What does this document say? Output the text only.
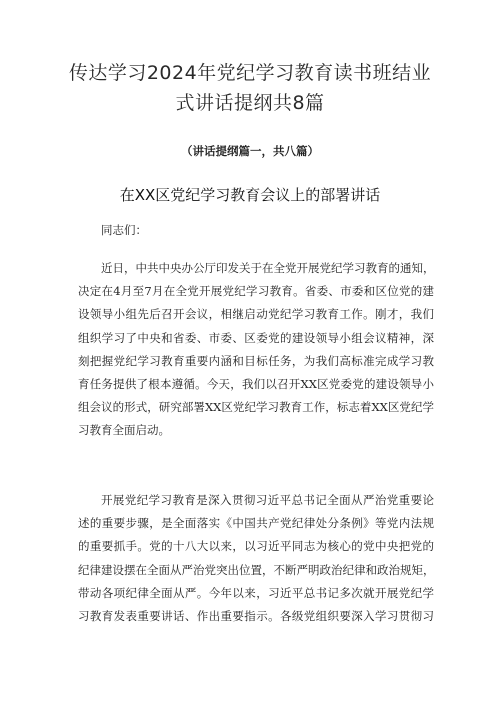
传达学习2024年党纪学习教育读书班结业
式讲话提纲共8篇

（讲话提纲篇一，共八篇）

在XX区党纪学习教育会议上的部署讲话

同志们：

近日，中共中央办公厅印发关于在全党开展党纪学习教育的通知，
决定在4月至7月在全党开展党纪学习教育。省委、市委和区位党的建
设领导小组先后召开会议，相继启动党纪学习教育工作。刚才，我们
组织学习了中央和省委、市委、区委党的建设领导小组会议精神，深
刻把握党纪学习教育重要内涵和目标任务，为我们高标准完成学习教
育任务提供了根本遵循。今天，我们以召开XX区党委党的建设领导小
组会议的形式，研究部署XX区党纪学习教育工作，标志着XX区党纪学
习教育全面启动。
开展党纪学习教育是深入贯彻习近平总书记全面从严治党重要论
述的重要步骤，是全面落实《中国共产党纪律处分条例》等党内法规
的重要抓手。党的十八大以来，以习近平同志为核心的党中央把党的
纪律建设摆在全面从严治党突出位置，不断严明政治纪律和政治规矩，
带动各项纪律全面从严。今年以来，习近平总书记多次就开展党纪学
习教育发表重要讲话、作出重要指示。各级党组织要深入学习贯彻习
